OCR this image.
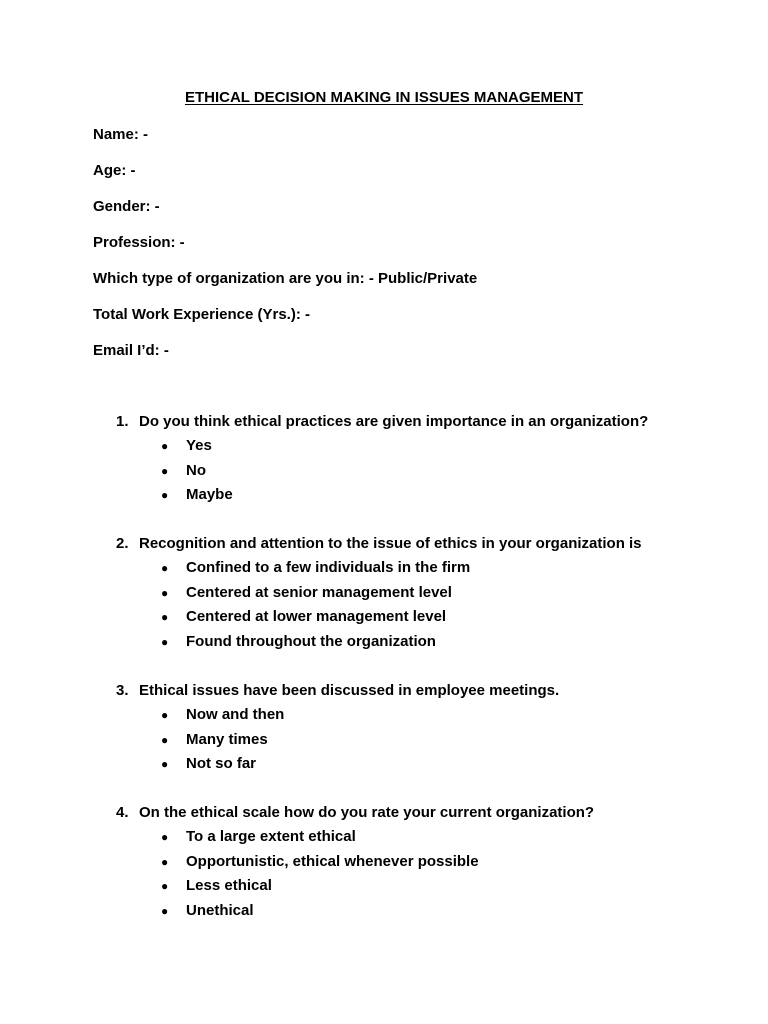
ETHICAL DECISION MAKING IN ISSUES MANAGEMENT
Name: -
Age: -
Gender: -
Profession: -
Which type of organization are you in: - Public/Private
Total Work Experience (Yrs.): -
Email I’d: -
1. Do you think ethical practices are given importance in an organization?
● Yes
● No
● Maybe
2. Recognition and attention to the issue of ethics in your organization is
● Confined to a few individuals in the firm
● Centered at senior management level
● Centered at lower management level
● Found throughout the organization
3. Ethical issues have been discussed in employee meetings.
● Now and then
● Many times
● Not so far
4. On the ethical scale how do you rate your current organization?
● To a large extent ethical
● Opportunistic, ethical whenever possible
● Less ethical
● Unethical
